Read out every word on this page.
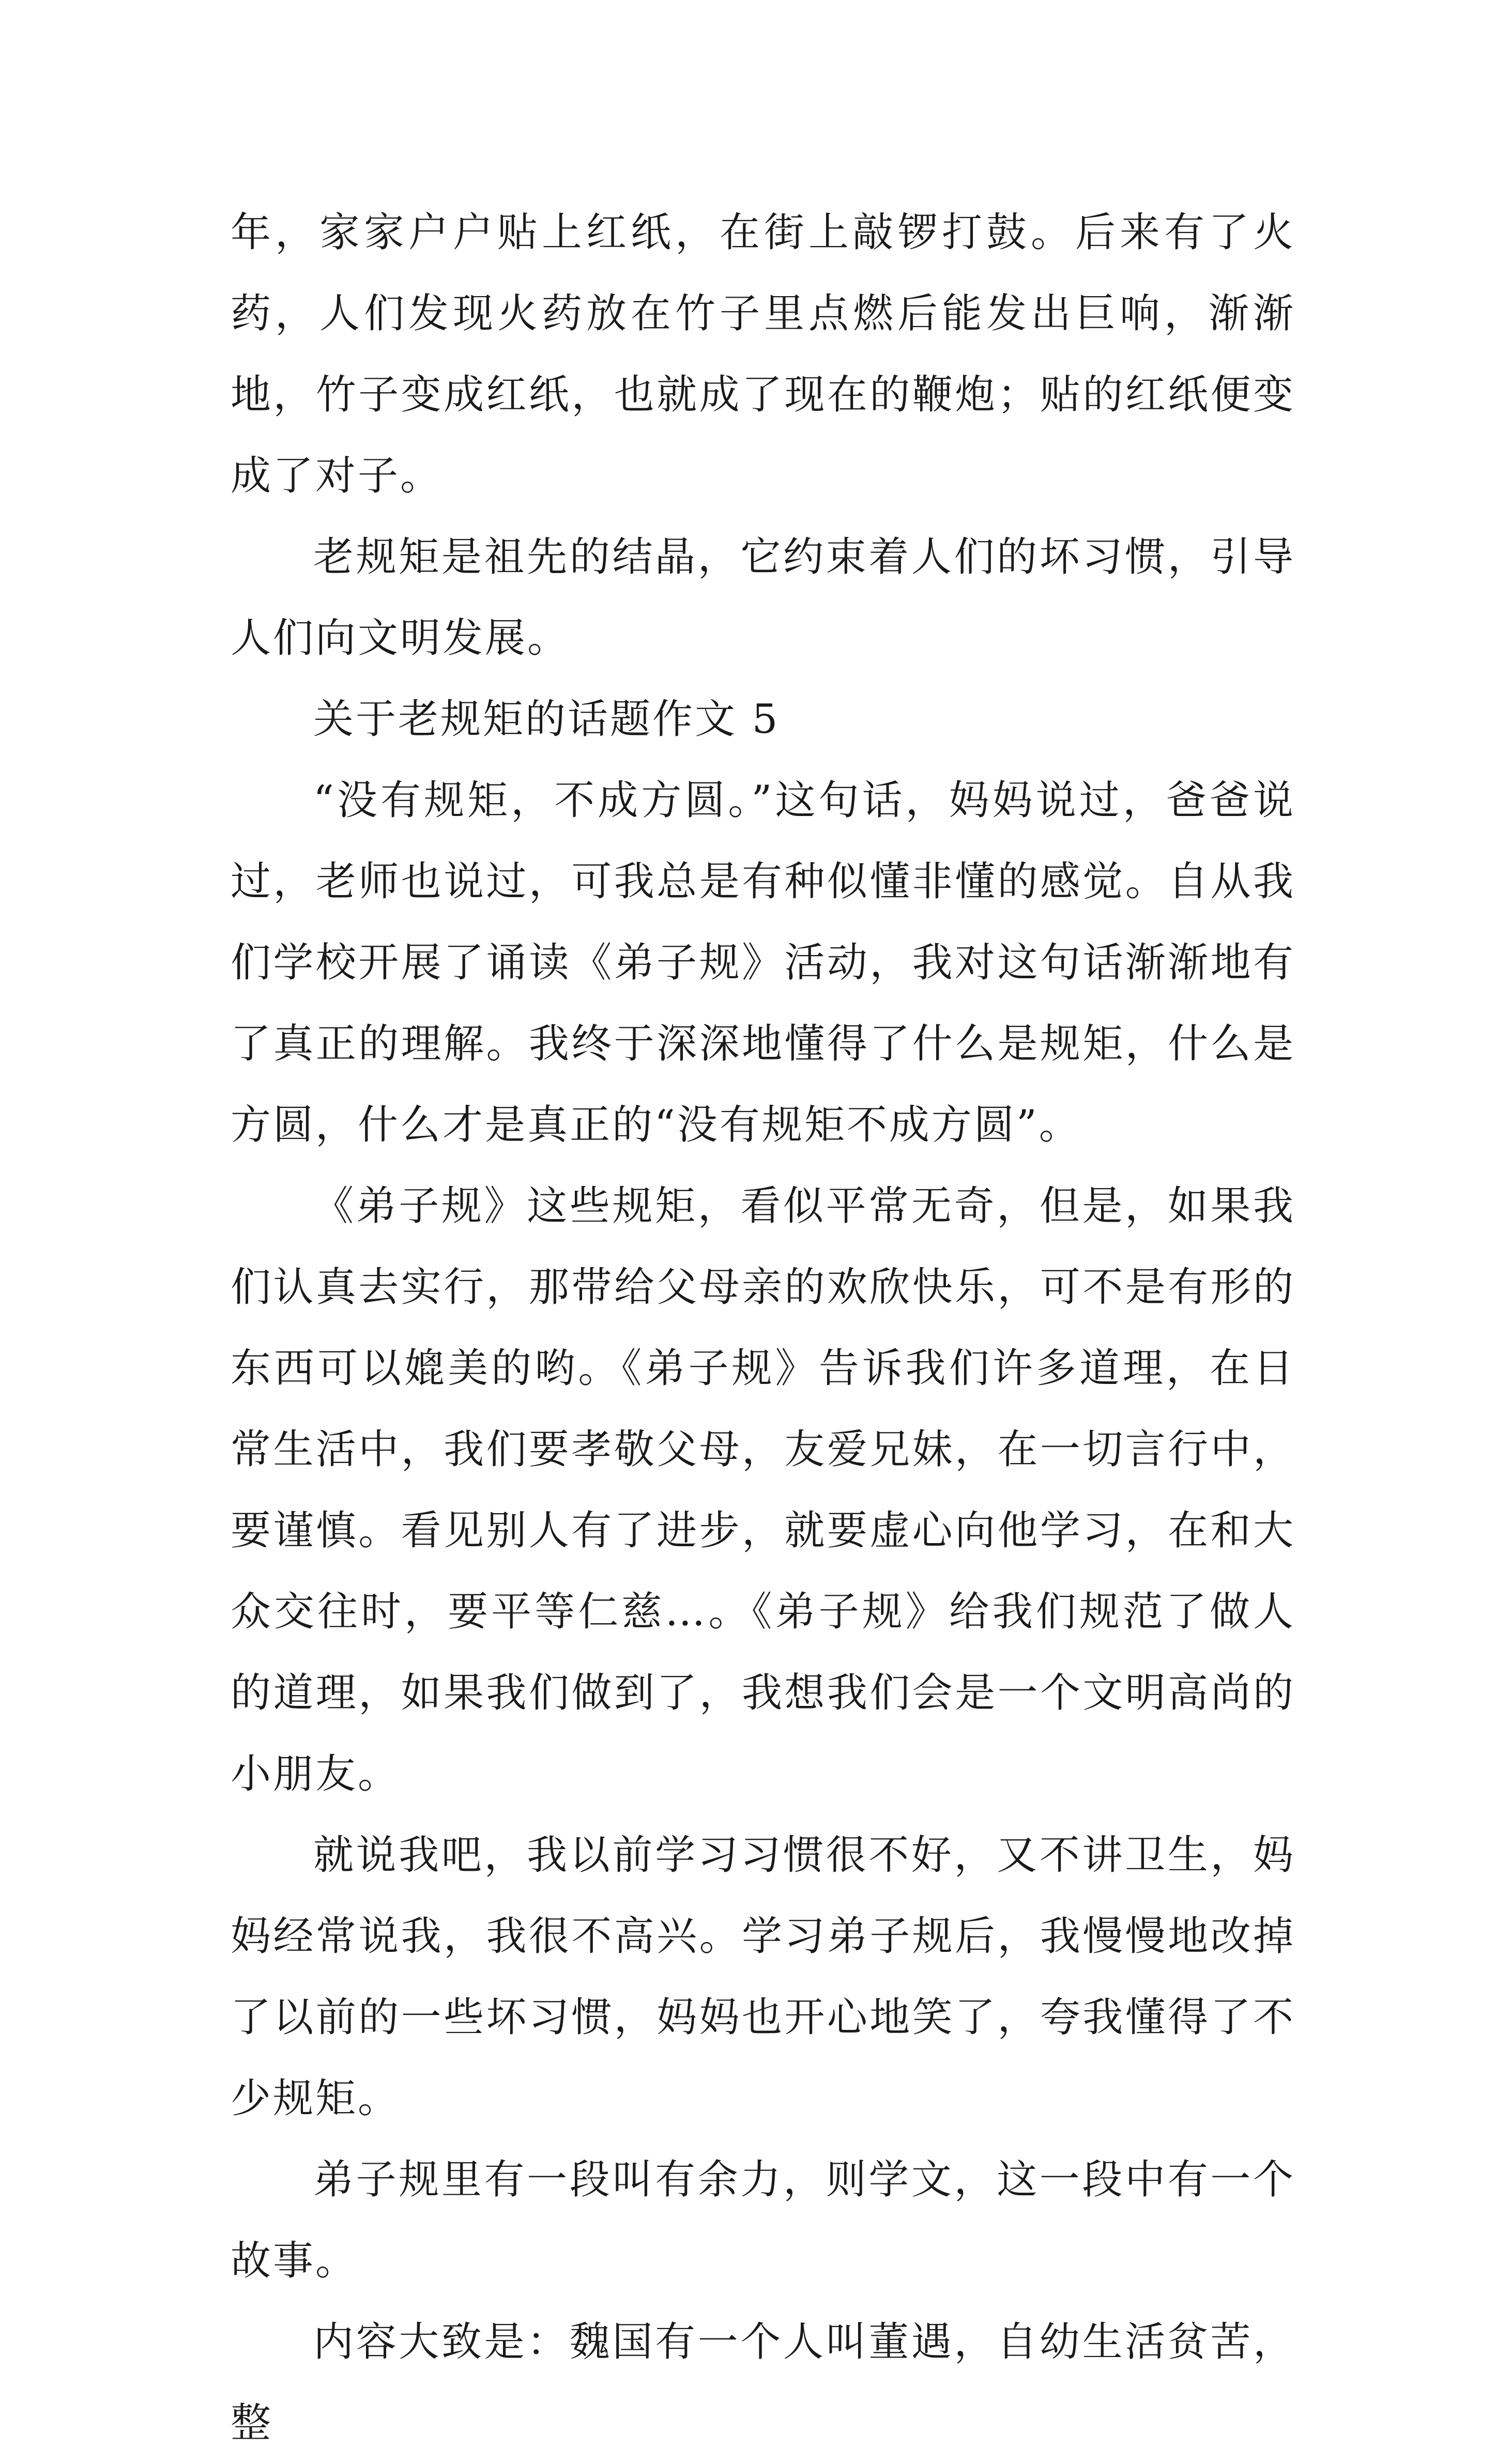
年，家家户户贴上红纸，在街上敲锣打鼓。后来有了火药，人们发现火药放在竹子里点燃后能发出巨响，渐渐地，竹子变成红纸，也就成了现在的鞭炮；贴的红纸便变成了对子。

老规矩是祖先的结晶，它约束着人们的坏习惯，引导人们向文明发展。

关于老规矩的话题作文 5

“没有规矩，不成方圆。”这句话，妈妈说过，爸爸说过，老师也说过，可我总是有种似懂非懂的感觉。自从我们学校开展了诵读《弟子规》活动，我对这句话渐渐地有了真正的理解。我终于深深地懂得了什么是规矩，什么是方圆，什么才是真正的“没有规矩不成方圆”。

《弟子规》这些规矩，看似平常无奇，但是，如果我们认真去实行，那带给父母亲的欢欣快乐，可不是有形的东西可以媲美的哟。《弟子规》告诉我们许多道理，在日常生活中，我们要孝敬父母，友爱兄妹，在一切言行中，要谨慎。看见别人有了进步，就要虚心向他学习，在和大众交往时，要平等仁慈…。《弟子规》给我们规范了做人的道理，如果我们做到了，我想我们会是一个文明高尚的小朋友。

就说我吧，我以前学习习惯很不好，又不讲卫生，妈妈经常说我，我很不高兴。学习弟子规后，我慢慢地改掉了以前的一些坏习惯，妈妈也开心地笑了，夸我懂得了不少规矩。

弟子规里有一段叫有余力，则学文，这一段中有一个故事。

内容大致是：魏国有一个人叫董遇，自幼生活贫苦，整
